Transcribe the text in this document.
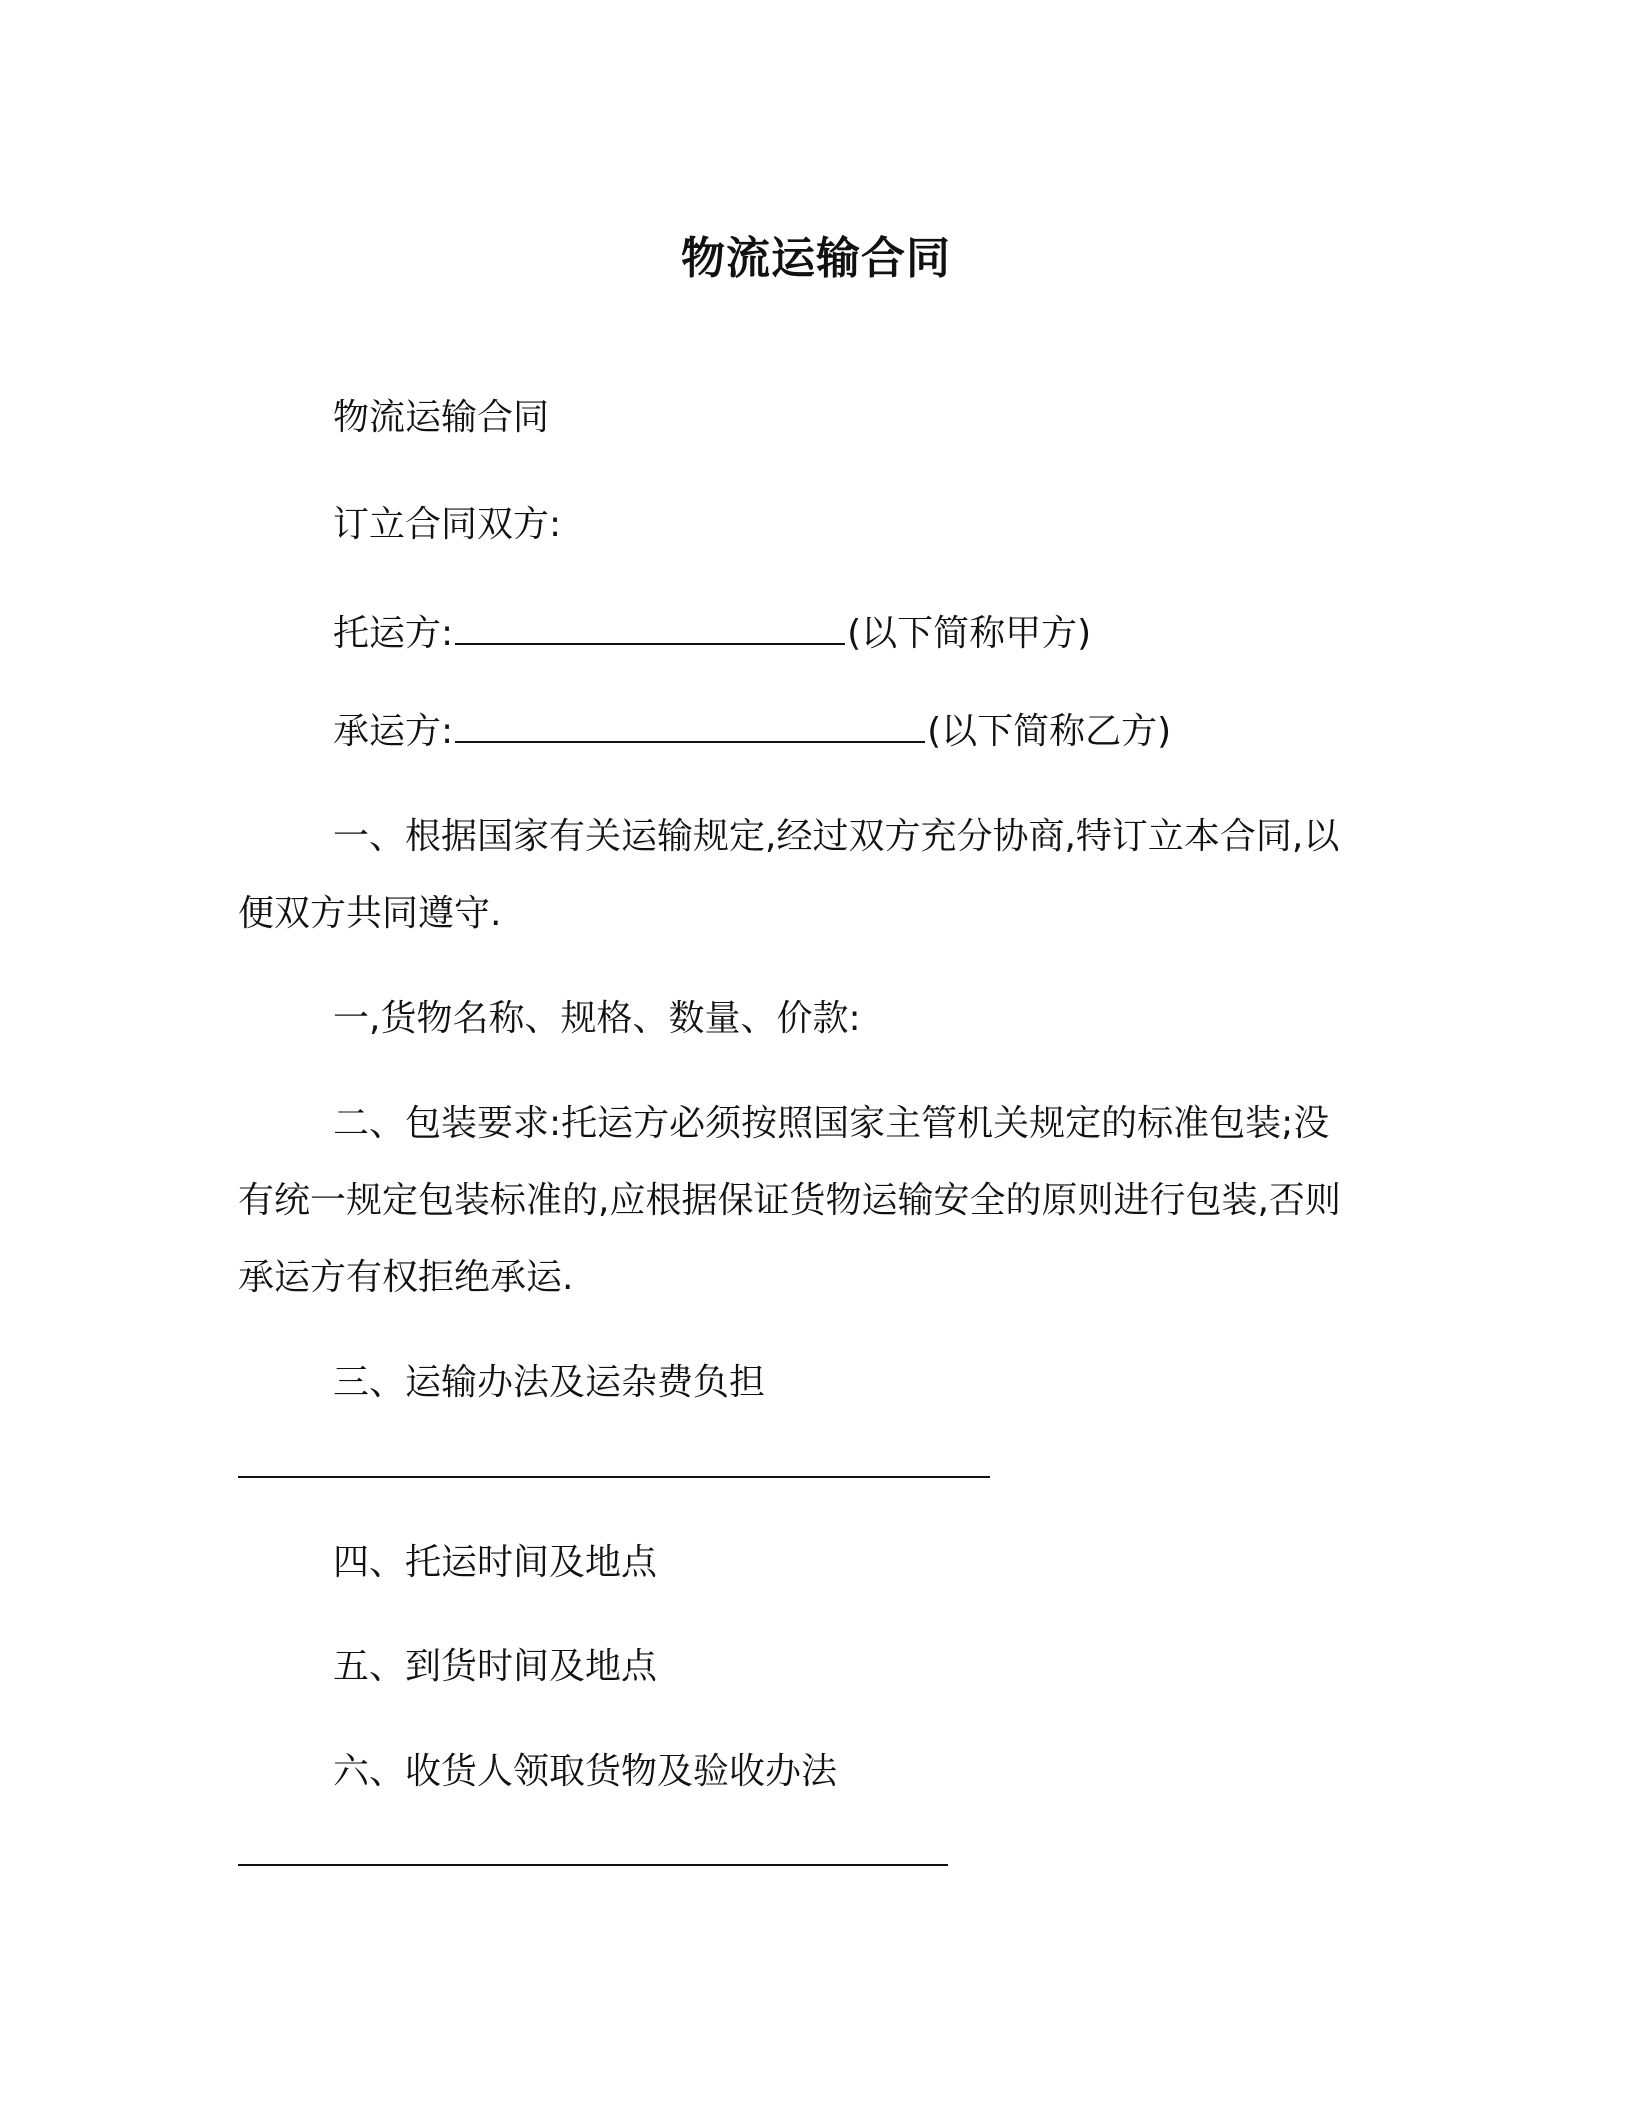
物流运输合同
物流运输合同
订立合同双方:
托运方:	(以下简称甲方)
承运方:	(以下简称乙方)
一、根据国家有关运输规定,经过双方充分协商,特订立本合同,以
便双方共同遵守.
一,货物名称、规格、数量、价款:
二、包装要求:托运方必须按照国家主管机关规定的标准包装;没
有统一规定包装标准的,应根据保证货物运输安全的原则进行包装,否则
承运方有权拒绝承运.
三、运输办法及运杂费负担
四、托运时间及地点
五、到货时间及地点
六、收货人领取货物及验收办法
